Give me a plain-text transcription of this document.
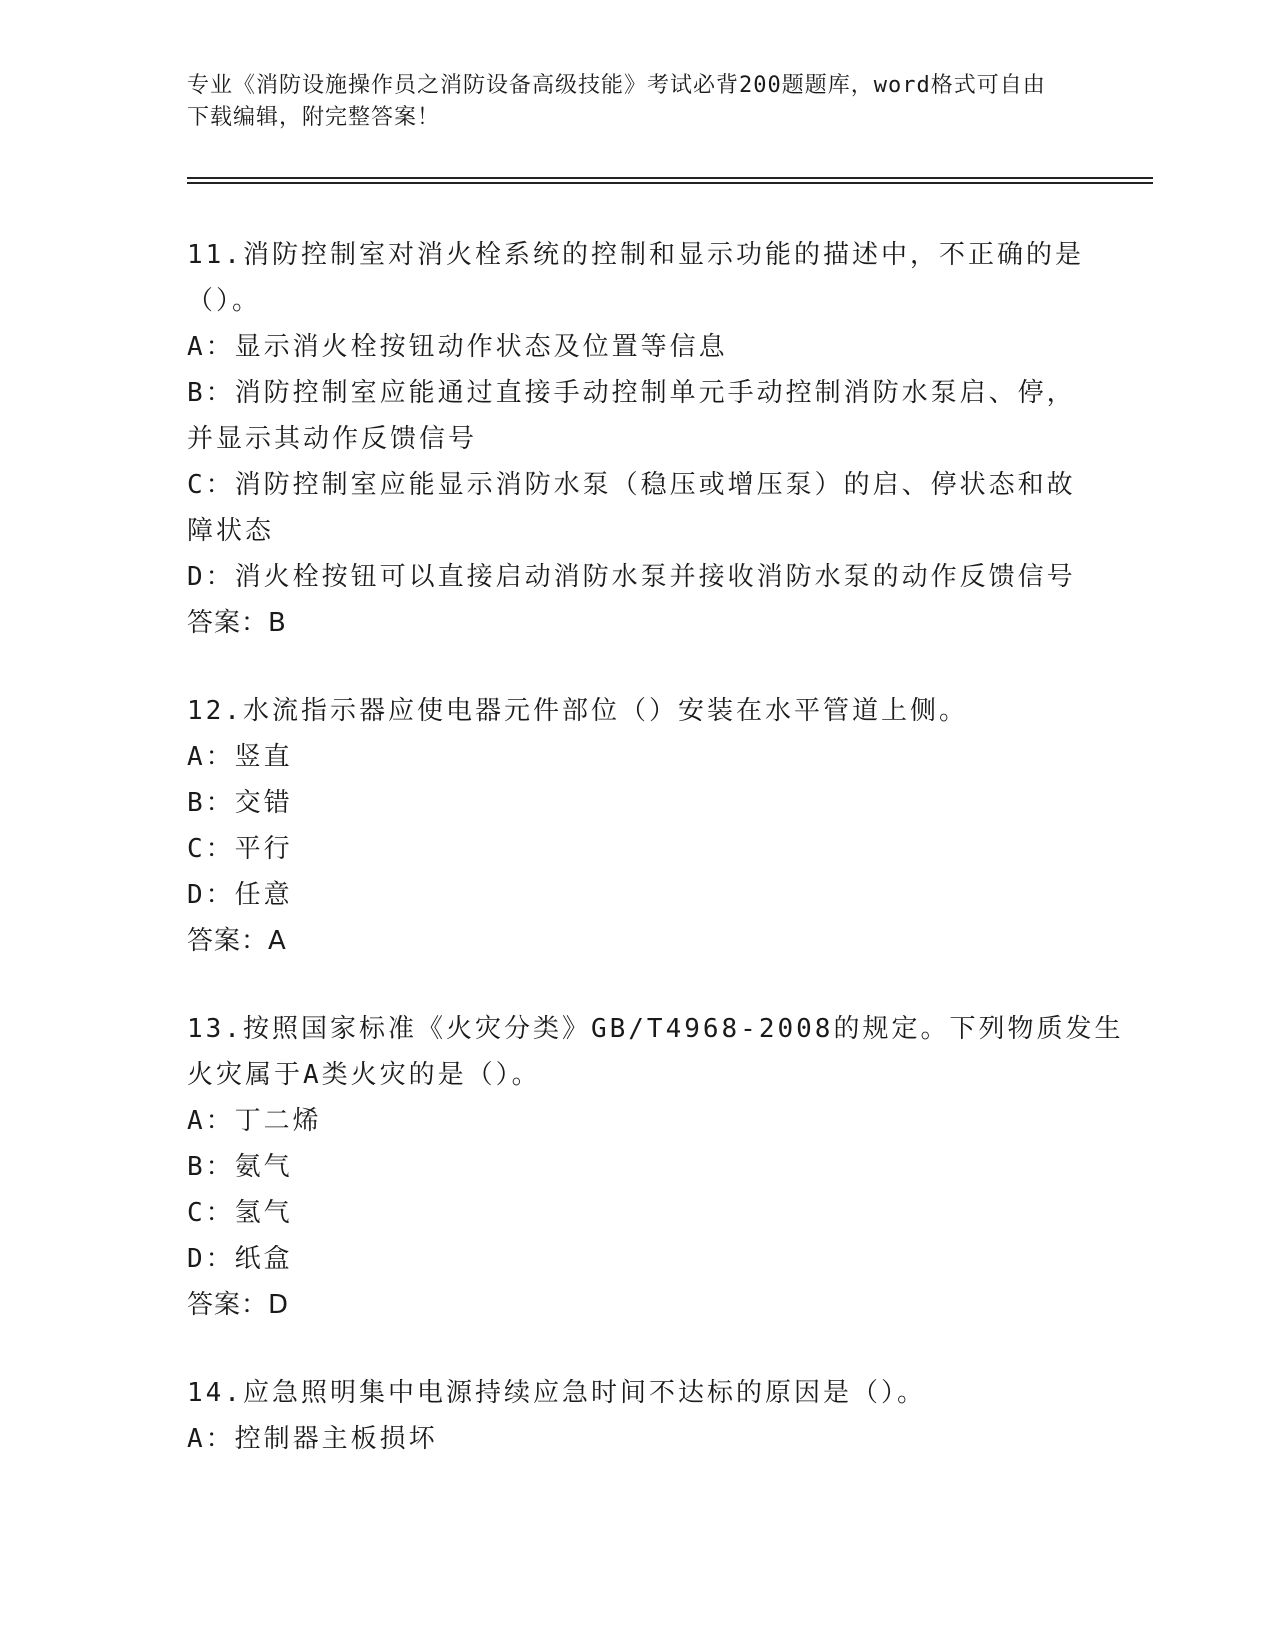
专业《消防设施操作员之消防设备高级技能》考试必背200题题库，word格式可自由下载编辑，附完整答案！
11.消防控制室对消火栓系统的控制和显示功能的描述中，不正确的是
（）。
A：显示消火栓按钮动作状态及位置等信息
B：消防控制室应能通过直接手动控制单元手动控制消防水泵启、停，
并显示其动作反馈信号
C：消防控制室应能显示消防水泵（稳压或增压泵）的启、停状态和故
障状态
D：消火栓按钮可以直接启动消防水泵并接收消防水泵的动作反馈信号
答案：B
12.水流指示器应使电器元件部位（）安装在水平管道上侧。
A：竖直
B：交错
C：平行
D：任意
答案：A
13.按照国家标准《火灾分类》GB/T4968-2008的规定。下列物质发生
火灾属于A类火灾的是（）。
A：丁二烯
B：氨气
C：氢气
D：纸盒
答案：D
14.应急照明集中电源持续应急时间不达标的原因是（）。
A：控制器主板损坏
